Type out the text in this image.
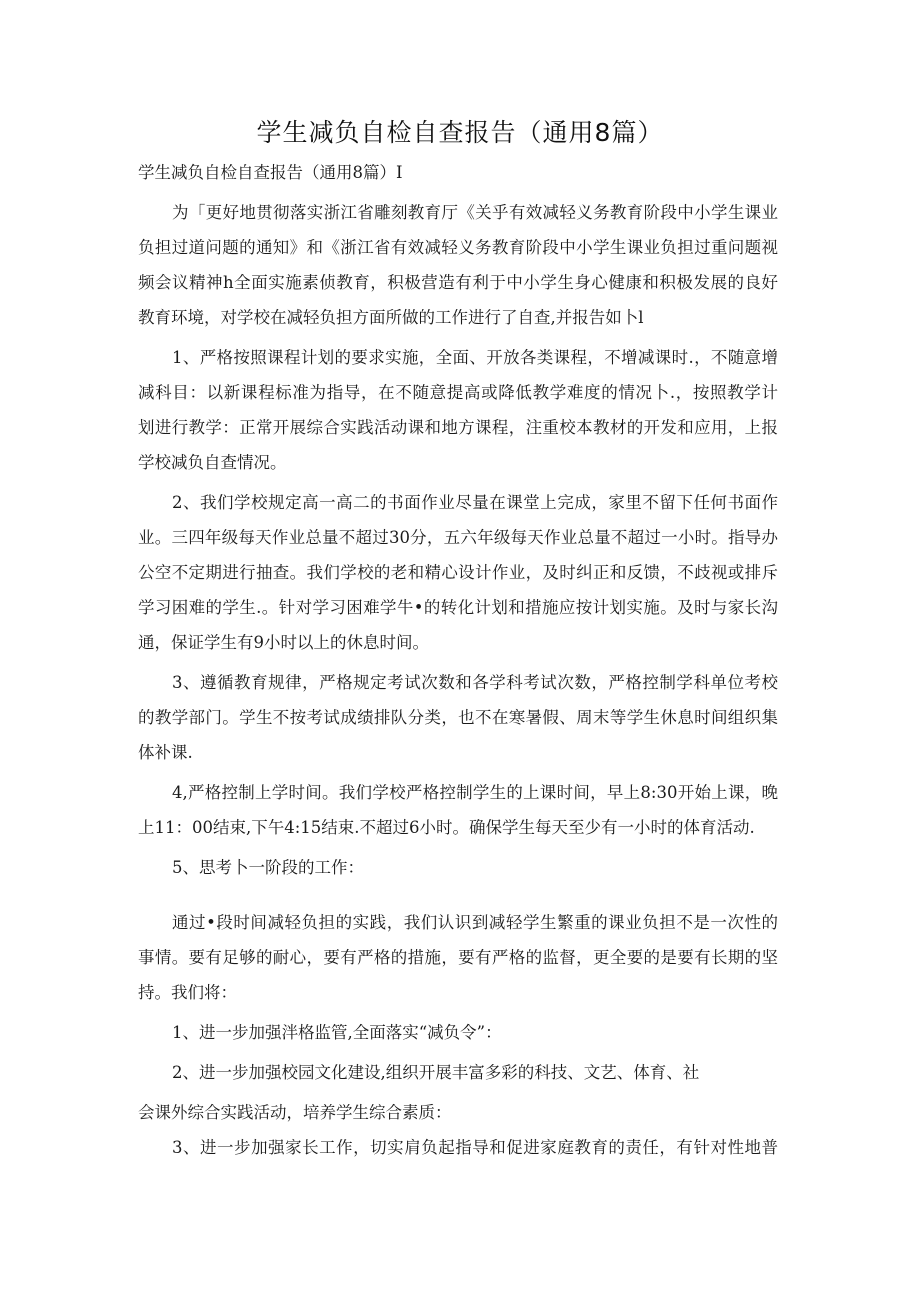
学生减负自检自查报告（通用8篇）
学生减负自检自查报告（通用8篇）Ⅰ
为「更好地贯彻落实浙江省雕刻教育厅《关乎有效减轻义务教育阶段中小学生课业
负担过道问题的通知》和《浙江省有效减轻义务教育阶段中小学生课业负担过重问题视
频会议精神h全面实施素侦教育，积极营造有利于中小学生身心健康和积极发展的良好
教育环境，对学校在减轻负担方面所做的工作进行了自查,并报告如卜l
1、严格按照课程计划的要求实施，全面、开放各类课程，不增减课时.，不随意增
减科目：以新课程标准为指导，在不随意提高或降低教学难度的情况卜.，按照教学计
划进行教学：正常开展综合实践活动课和地方课程，注重校本教材的开发和应用，上报
学校减负自查情况。
2、我们学校规定高一高二的书面作业尽量在课堂上完成，家里不留下任何书面作
业。三四年级每天作业总量不超过30分，五六年级每天作业总量不超过一小时。指导办
公空不定期进行抽查。我们学校的老和精心设计作业，及时纠正和反馈，不歧视或排斥
学习困难的学生.。针对学习困难学牛•的转化计划和措施应按计划实施。及时与家长沟
通，保证学生有9小时以上的休息时间。
3、遵循教育规律，严格规定考试次数和各学科考试次数，严格控制学科单位考校
的教学部门。学生不按考试成绩排队分类，也不在寒暑假、周末等学生休息时间组织集
体补课.
4,严格控制上学时间。我们学校严格控制学生的上课时间，早上8:30开始上课，晚
上11：00结束,下午4:15结束.不超过6小时。确保学生每天至少有一小时的体育活动.
5、思考卜一阶段的工作：
通过•段时间减轻负担的实践，我们认识到减轻学生繁重的课业负担不是一次性的
事情。要有足够的耐心，要有严格的措施，要有严格的监督，更全要的是要有长期的坚
持。我们将：
1、进一步加强泮格监管,全面落实“减负令”：
2、进一步加强校园文化建设,组织开展丰富多彩的科技、文艺、体育、社
会课外综合实践活动，培养学生综合素质：
3、进一步加强家长工作，切实肩负起指导和促进家庭教育的责任，有针对性地普
